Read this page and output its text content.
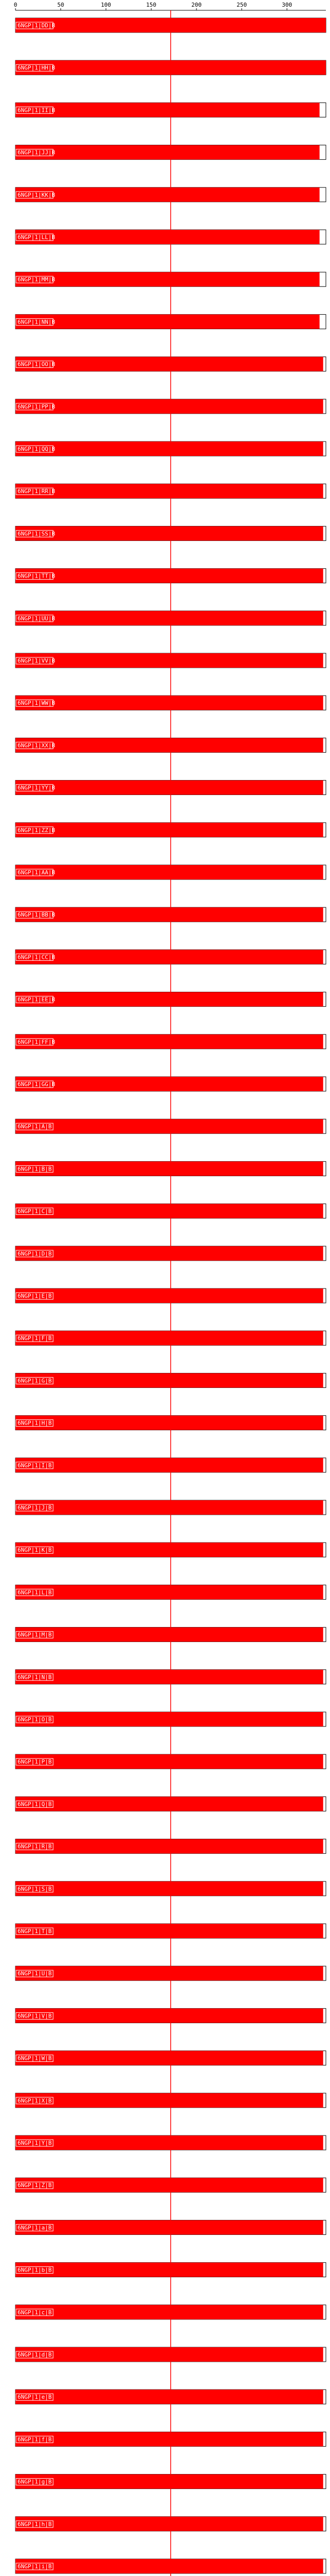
0	50	100	150	200	250	300
6NGP|1|DD|B
6NGP|1|HH|B
6NGP|1|II|B
6NGP|1|JJ|B
6NGP|1|KK|B
6NGP|1|LL|B
6NGP|1|MM|B
6NGP|1|NN|B
6NGP|1|OO|B
6NGP|1|PP|B
6NGP|1|QQ|B
6NGP|1|RR|B
6NGP|1|SS|B
6NGP|1|TT|B
6NGP|1|UU|B
6NGP|1|VV|B
6NGP|1|WW|B
6NGP|1|XX|B
6NGP|1|YY|B
6NGP|1|ZZ|B
6NGP|1|AA|B
6NGP|1|BB|B
6NGP|1|CC|B
6NGP|1|EE|B
6NGP|1|FF|B
6NGP|1|GG|B
6NGP|1|A|B
6NGP|1|B|B
6NGP|1|C|B
6NGP|1|D|B
6NGP|1|E|B
6NGP|1|F|B
6NGP|1|G|B
6NGP|1|H|B
6NGP|1|I|B
6NGP|1|J|B
6NGP|1|K|B
6NGP|1|L|B
6NGP|1|M|B
6NGP|1|N|B
6NGP|1|O|B
6NGP|1|P|B
6NGP|1|Q|B
6NGP|1|R|B
6NGP|1|S|B
6NGP|1|T|B
6NGP|1|U|B
6NGP|1|V|B
6NGP|1|W|B
6NGP|1|X|B
6NGP|1|Y|B
6NGP|1|Z|B
6NGP|1|a|B
6NGP|1|b|B
6NGP|1|c|B
6NGP|1|d|B
6NGP|1|e|B
6NGP|1|f|B
6NGP|1|g|B
6NGP|1|h|B
6NGP|1|i|B
